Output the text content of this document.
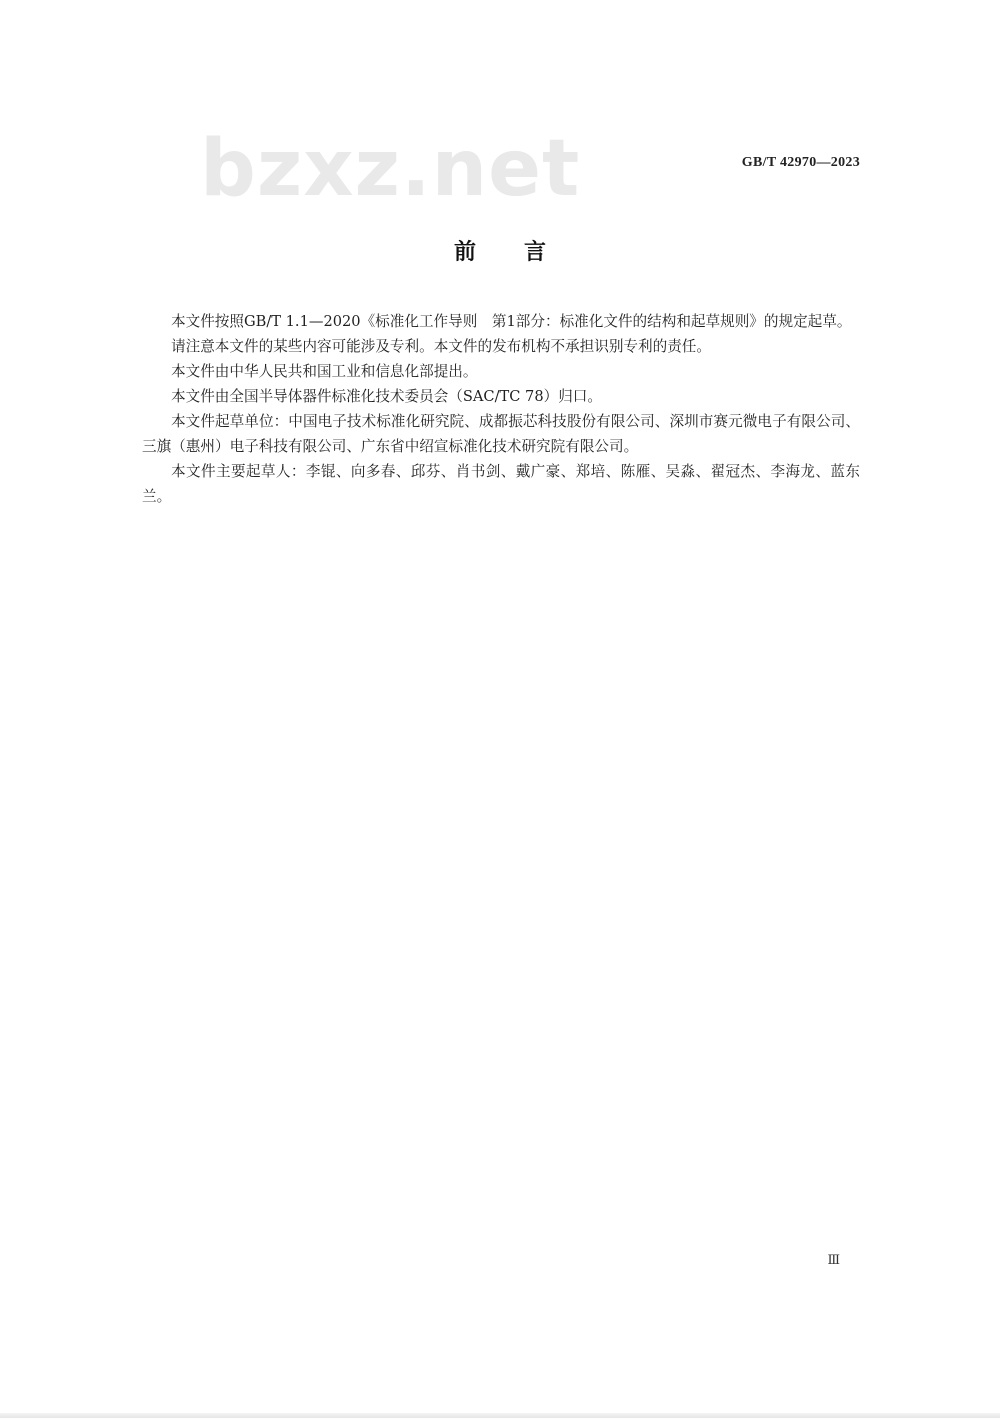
bzxz.net	GB/T 42970—2023
前言

本文件按照GB/T 1.1—2020《标准化工作导则　第1部分：标准化文件的结构和起草规则》的规定起草。

请注意本文件的某些内容可能涉及专利。本文件的发布机构不承担识别专利的责任。

本文件由中华人民共和国工业和信息化部提出。

本文件由全国半导体器件标准化技术委员会（SAC/TC 78）归口。

本文件起草单位：中国电子技术标准化研究院、成都振芯科技股份有限公司、深圳市赛元微电子有限公司、三旗（惠州）电子科技有限公司、广东省中绍宣标准化技术研究院有限公司。

本文件主要起草人：李锟、向多春、邱芬、肖书剑、戴广豪、郑培、陈雁、吴淼、翟冠杰、李海龙、蓝东兰。

Ⅲ
